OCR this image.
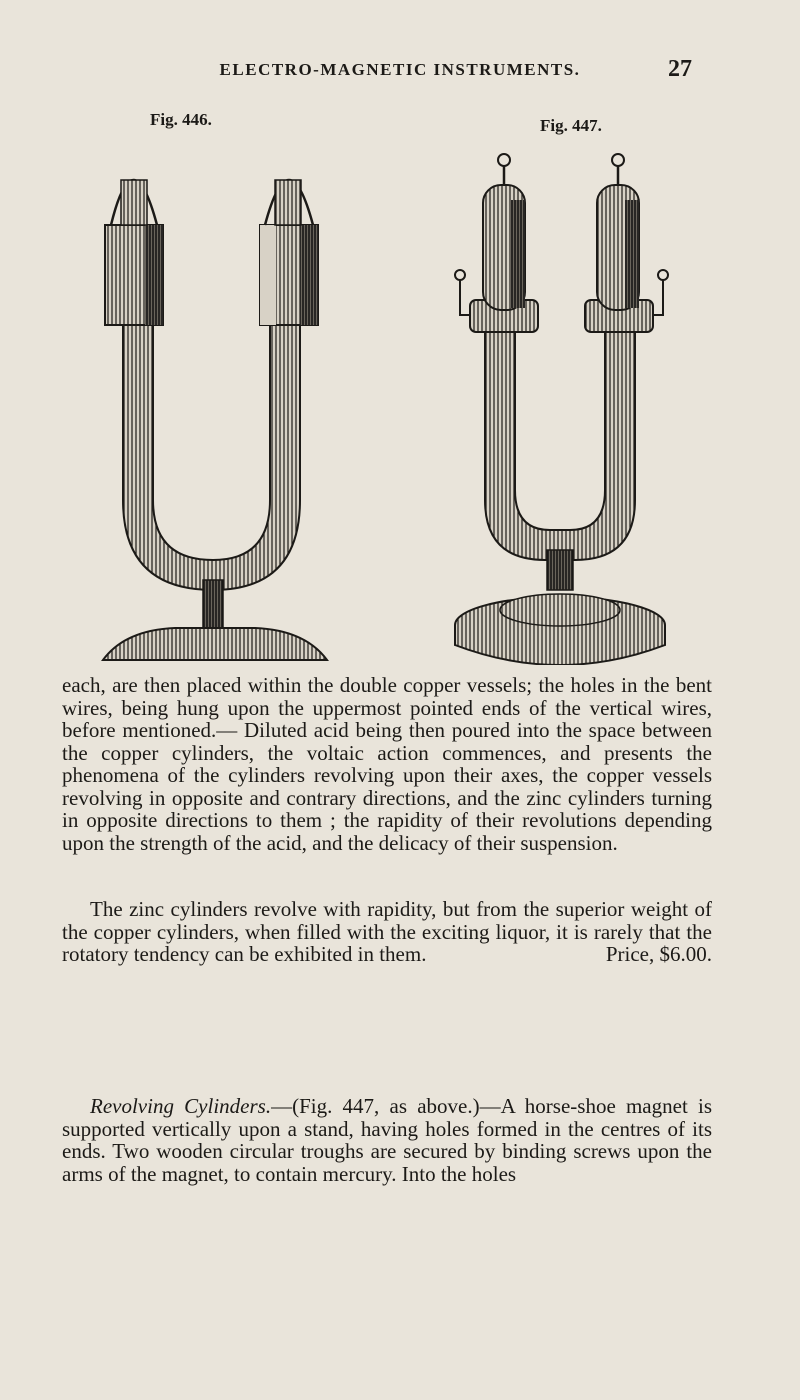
ELECTRO-MAGNETIC INSTRUMENTS.	27
Fig. 446.	Fig. 447.

each, are then placed within the double copper vessels; the holes in the bent wires, being hung upon the uppermost pointed ends of the vertical wires, before mentioned.— Diluted acid being then poured into the space between the copper cylinders, the voltaic action commences, and presents the phenomena of the cylinders revolving upon their axes, the copper vessels revolving in opposite and contrary directions, and the zinc cylinders turning in opposite directions to them ; the rapidity of their revolutions depending upon the strength of the acid, and the delicacy of their suspension.

The zinc cylinders revolve with rapidity, but from the superior weight of the copper cylinders, when filled with the exciting liquor, it is rarely that the rotatory tendency can be exhibited in them.	Price, $6.00.

Revolving Cylinders.—(Fig. 447, as above.)—A horse-shoe magnet is supported vertically upon a stand, having holes formed in the centres of its ends. Two wooden circular troughs are secured by binding screws upon the arms of the magnet, to contain mercury. Into the holes
